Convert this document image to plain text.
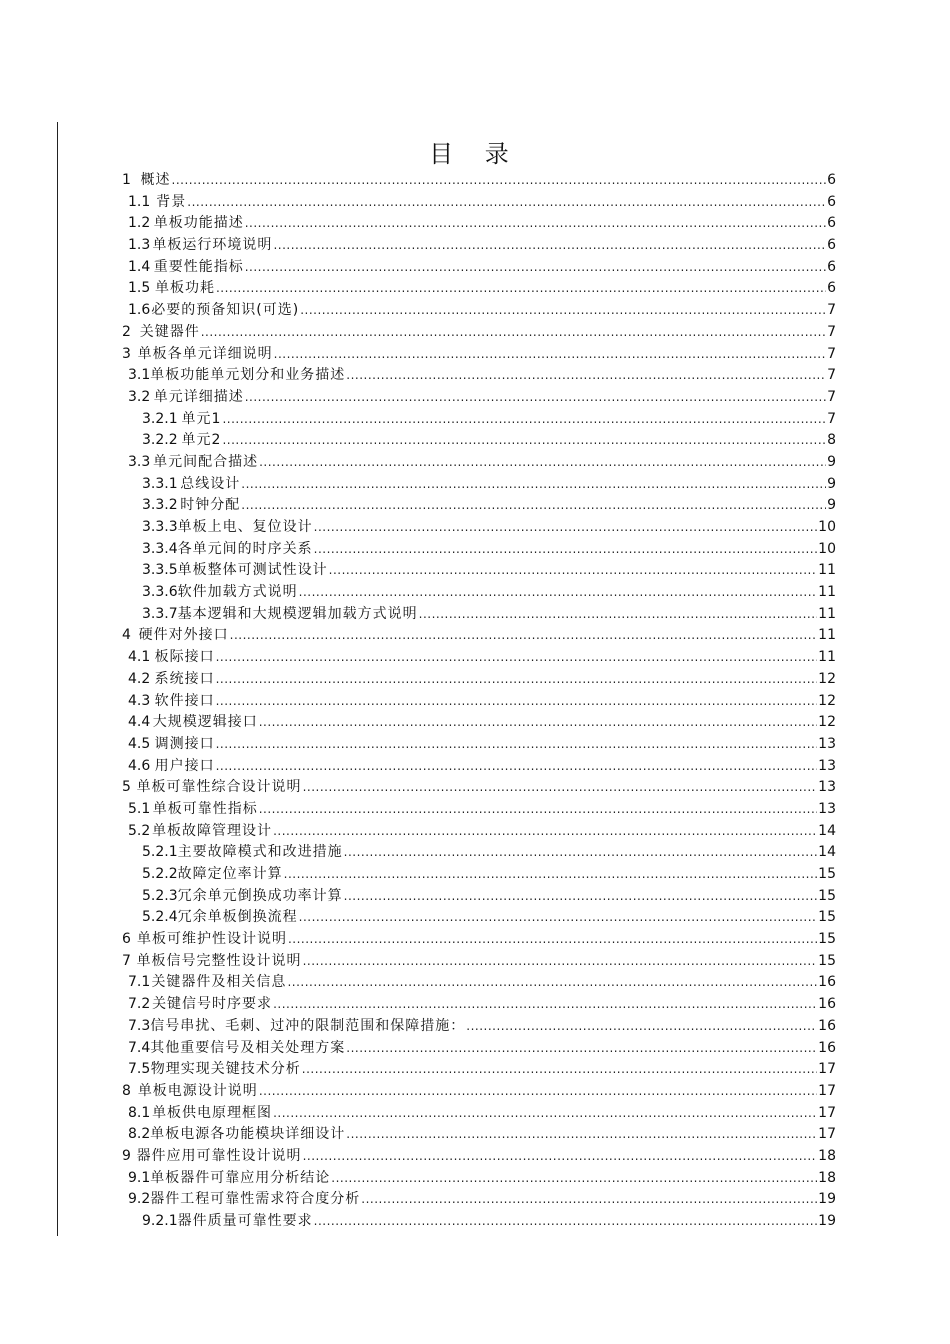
目 录
1 概述 .....	6
1.1 背景 .....	6
1.2 单板功能描述 .....	6
1.3 单板运行环境说明 .....	6
1.4 重要性能指标 .....	6
1.5 单板功耗 .....	6
1.6 必要的预备知识(可选) .....	7
2 关键器件 .....	7
3 单板各单元详细说明 .....	7
3.1 单板功能单元划分和业务描述 .....	7
3.2 单元详细描述 .....	7
3.2.1 单元1 .....	7
3.2.2 单元2 .....	8
3.3 单元间配合描述 .....	9
3.3.1 总线设计 .....	9
3.3.2 时钟分配 .....	9
3.3.3 单板上电、复位设计 .....	10
3.3.4 各单元间的时序关系 .....	10
3.3.5 单板整体可测试性设计 .....	11
3.3.6 软件加载方式说明 .....	11
3.3.7 基本逻辑和大规模逻辑加载方式说明 .....	11
4 硬件对外接口 .....	11
4.1 板际接口 .....	11
4.2 系统接口 .....	12
4.3 软件接口 .....	12
4.4 大规模逻辑接口 .....	12
4.5 调测接口 .....	13
4.6 用户接口 .....	13
5 单板可靠性综合设计说明 .....	13
5.1 单板可靠性指标 .....	13
5.2 单板故障管理设计 .....	14
5.2.1 主要故障模式和改进措施 .....	14
5.2.2 故障定位率计算 .....	15
5.2.3 冗余单元倒换成功率计算 .....	15
5.2.4 冗余单板倒换流程 .....	15
6 单板可维护性设计说明 .....	15
7 单板信号完整性设计说明 .....	15
7.1 关键器件及相关信息 .....	16
7.2 关键信号时序要求 .....	16
7.3 信号串扰、毛刺、过冲的限制范围和保障措施： .....	16
7.4 其他重要信号及相关处理方案 .....	16
7.5 物理实现关键技术分析 .....	17
8 单板电源设计说明 .....	17
8.1 单板供电原理框图 .....	17
8.2 单板电源各功能模块详细设计 .....	17
9 器件应用可靠性设计说明 .....	18
9.1 单板器件可靠应用分析结论 .....	18
9.2 器件工程可靠性需求符合度分析 .....	19
9.2.1 器件质量可靠性要求 .....	19
